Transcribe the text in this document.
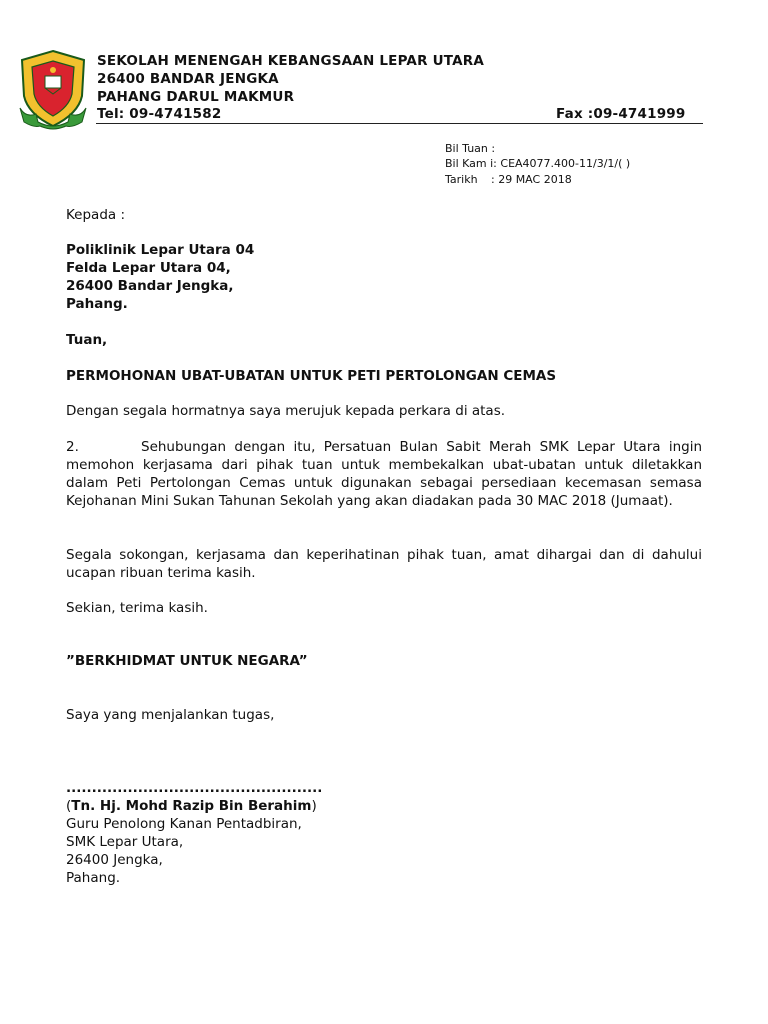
SEKOLAH MENENGAH KEBANGSAAN LEPAR UTARA
26400 BANDAR JENGKA
PAHANG DARUL MAKMUR
Tel: 09-4741582	Fax :09-4741999
Bil Tuan :
Bil Kam i: CEA4077.400-11/3/1/( )
Tarikh : 29 MAC 2018
Kepada :
Poliklinik Lepar Utara 04
Felda Lepar Utara 04,
26400 Bandar Jengka,
Pahang.
Tuan,
PERMOHONAN UBAT-UBATAN UNTUK PETI PERTOLONGAN CEMAS
Dengan segala hormatnya saya merujuk kepada perkara di atas.
2.	Sehubungan dengan itu, Persatuan Bulan Sabit Merah SMK Lepar Utara ingin memohon kerjasama dari pihak tuan untuk membekalkan ubat-ubatan untuk diletakkan dalam Peti Pertolongan Cemas untuk digunakan sebagai persediaan kecemasan semasa Kejohanan Mini Sukan Tahunan Sekolah yang akan diadakan pada 30 MAC 2018 (Jumaat).
Segala sokongan, kerjasama dan keperihatinan pihak tuan, amat dihargai dan di dahului ucapan ribuan terima kasih.
Sekian, terima kasih.
”BERKHIDMAT UNTUK NEGARA”
Saya yang menjalankan tugas,
..................................................
(Tn. Hj. Mohd Razip Bin Berahim)
Guru Penolong Kanan Pentadbiran,
SMK Lepar Utara,
26400 Jengka,
Pahang.
